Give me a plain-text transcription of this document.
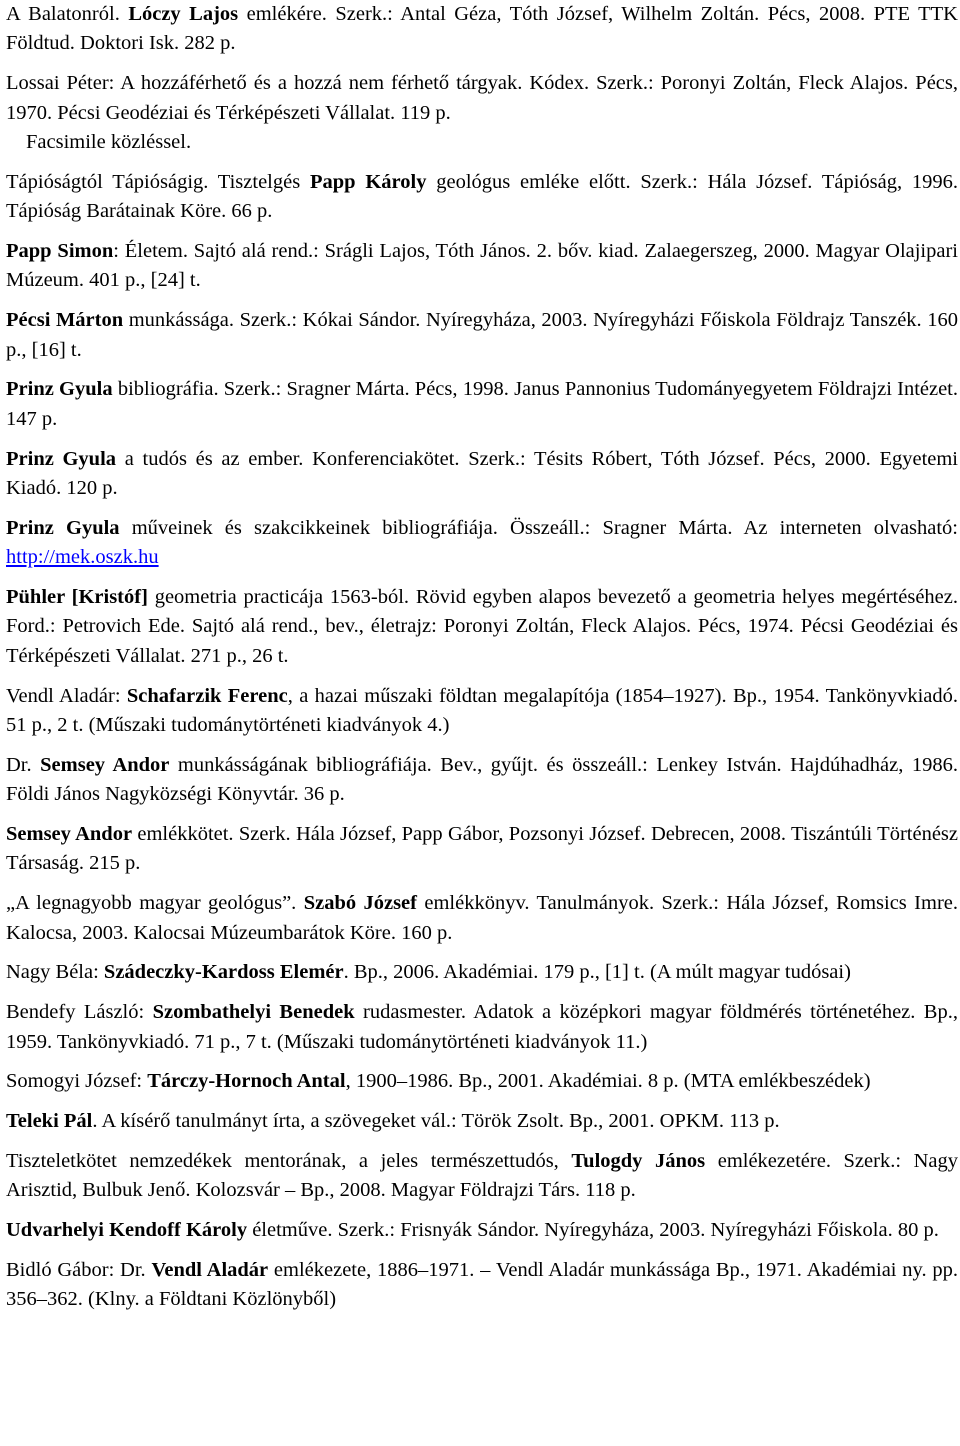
A Balatonról. Lóczy Lajos emlékére. Szerk.: Antal Géza, Tóth József, Wilhelm Zoltán. Pécs, 2008. PTE TTK Földtud. Doktori Isk. 282 p.

Lossai Péter: A hozzáférhető és a hozzá nem férhető tárgyak. Kódex. Szerk.: Poronyi Zoltán, Fleck Alajos. Pécs, 1970. Pécsi Geodéziai és Térképészeti Vállalat. 119 p.
Facsimile közléssel.

Tápióságtól Tápióságig. Tisztelgés Papp Károly geológus emléke előtt. Szerk.: Hála József. Tápióság, 1996. Tápióság Barátainak Köre. 66 p.

Papp Simon: Életem. Sajtó alá rend.: Srágli Lajos, Tóth János. 2. bőv. kiad. Zalaegerszeg, 2000. Magyar Olajipari Múzeum. 401 p., [24] t.

Pécsi Márton munkássága. Szerk.: Kókai Sándor. Nyíregyháza, 2003. Nyíregyházi Főiskola Földrajz Tanszék. 160 p., [16] t.

Prinz Gyula bibliográfia. Szerk.: Sragner Márta. Pécs, 1998. Janus Pannonius Tudományegyetem Földrajzi Intézet. 147 p.

Prinz Gyula a tudós és az ember. Konferenciakötet. Szerk.: Tésits Róbert, Tóth József. Pécs, 2000. Egyetemi Kiadó. 120 p.

Prinz Gyula műveinek és szakcikkeinek bibliográfiája. Összeáll.: Sragner Márta. Az interneten olvasható: http://mek.oszk.hu

Pühler [Kristóf] geometria practicája 1563-ból. Rövid egyben alapos bevezető a geometria helyes megértéséhez. Ford.: Petrovich Ede. Sajtó alá rend., bev., életrajz: Poronyi Zoltán, Fleck Alajos. Pécs, 1974. Pécsi Geodéziai és Térképészeti Vállalat. 271 p., 26 t.

Vendl Aladár: Schafarzik Ferenc, a hazai műszaki földtan megalapítója (1854–1927). Bp., 1954. Tankönyvkiadó. 51 p., 2 t. (Műszaki tudománytörténeti kiadványok 4.)

Dr. Semsey Andor munkásságának bibliográfiája. Bev., gyűjt. és összeáll.: Lenkey István. Hajdúhadház, 1986. Földi János Nagyközségi Könyvtár. 36 p.

Semsey Andor emlékkötet. Szerk. Hála József, Papp Gábor, Pozsonyi József. Debrecen, 2008. Tiszántúli Történész Társaság. 215 p.

„A legnagyobb magyar geológus”. Szabó József emlékkönyv. Tanulmányok. Szerk.: Hála József, Romsics Imre. Kalocsa, 2003. Kalocsai Múzeumbarátok Köre. 160 p.

Nagy Béla: Szádeczky-Kardoss Elemér. Bp., 2006. Akadémiai. 179 p., [1] t. (A múlt magyar tudósai)

Bendefy László: Szombathelyi Benedek rudasmester. Adatok a középkori magyar földmérés történetéhez. Bp., 1959. Tankönyvkiadó. 71 p., 7 t. (Műszaki tudománytörténeti kiadványok 11.)

Somogyi József: Tárczy-Hornoch Antal, 1900–1986. Bp., 2001. Akadémiai. 8 p. (MTA emlékbeszédek)

Teleki Pál. A kísérő tanulmányt írta, a szövegeket vál.: Török Zsolt. Bp., 2001. OPKM. 113 p.

Tiszteletkötet nemzedékek mentorának, a jeles természettudós, Tulogdy János emlékezetére. Szerk.: Nagy Arisztid, Bulbuk Jenő. Kolozsvár – Bp., 2008. Magyar Földrajzi Társ. 118 p.

Udvarhelyi Kendoff Károly életműve. Szerk.: Frisnyák Sándor. Nyíregyháza, 2003. Nyíregyházi Főiskola. 80 p.

Bidló Gábor: Dr. Vendl Aladár emlékezete, 1886–1971. – Vendl Aladár munkássága Bp., 1971. Akadémiai ny. pp. 356–362. (Klny. a Földtani Közlönyből)
